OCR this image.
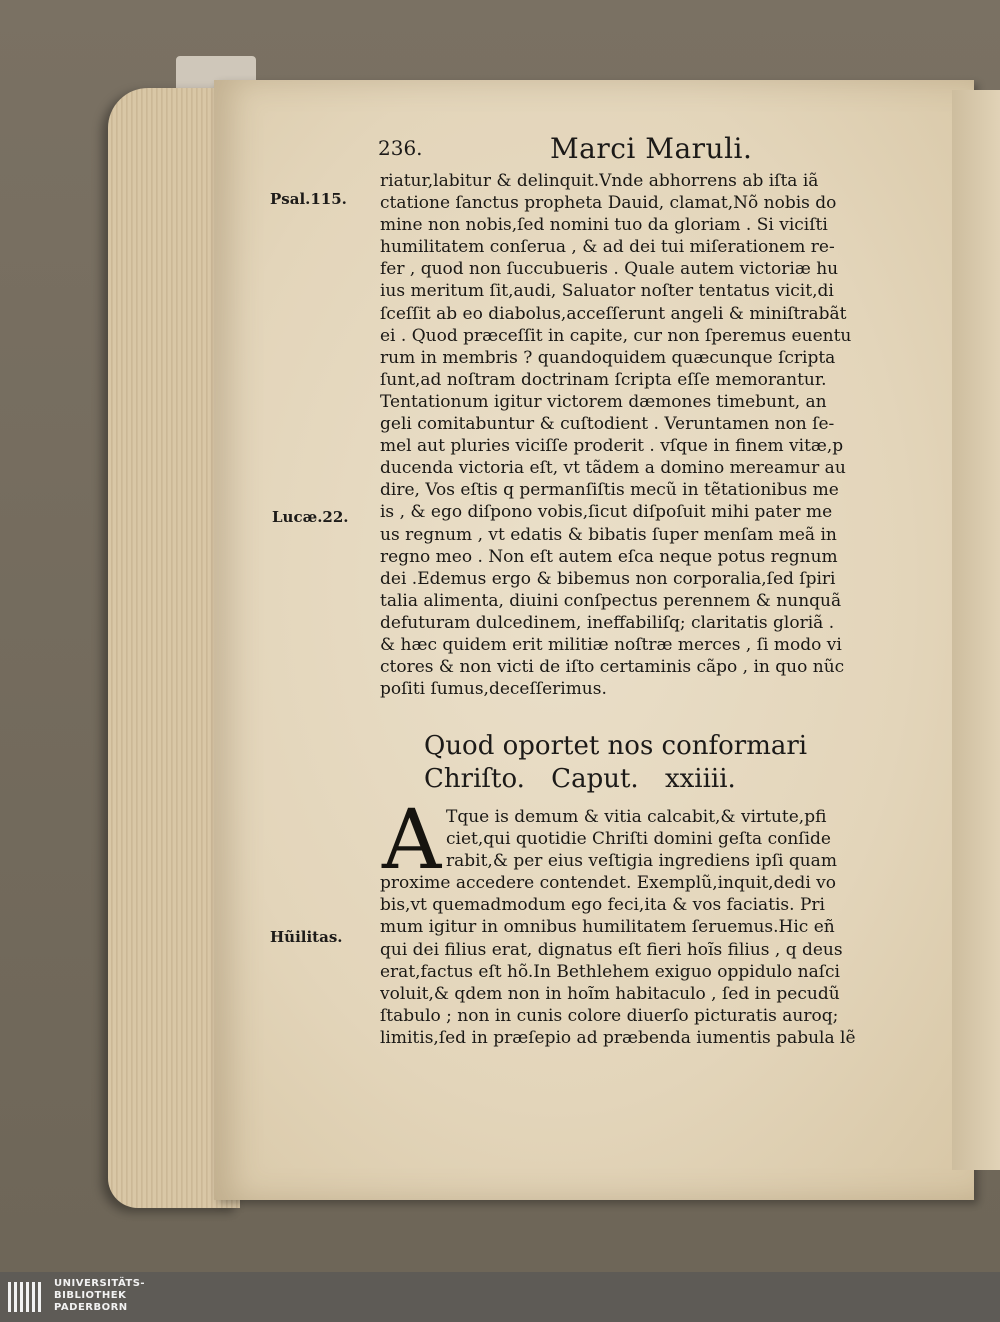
236.	Marci Maruli.
Psal.115.
Lucæ.22.
Hũilitas.
riatur,labitur & delinquit.Vnde abhorrens ab iſta iã
ctatione ſanctus propheta Dauid, clamat,Nõ nobis do
mine non nobis,ſed nomini tuo da gloriam . Si viciſti
humilitatem conſerua , & ad dei tui miſerationem re-
fer , quod non ſuccubueris . Quale autem victoriæ hu
ius meritum ſit,audi, Saluator noſter tentatus vicit,di
ſceſſit ab eo diabolus,acceſſerunt angeli & miniſtrabãt
ei . Quod præceſſit in capite, cur non ſperemus euentu
rum in membris ? quandoquidem quæcunque ſcripta
ſunt,ad noſtram doctrinam ſcripta eſſe memorantur.
Tentationum igitur victorem dæmones timebunt, an
geli comitabuntur & cuſtodient . Veruntamen non ſe-
mel aut pluries viciſſe proderit . vſque in finem vitæ,p
ducenda victoria eſt, vt tãdem a domino mereamur au
dire, Vos eſtis q permanſiſtis mecũ in tẽtationibus me
is , & ego diſpono vobis,ſicut diſpoſuit mihi pater me
us regnum , vt edatis & bibatis ſuper menſam meã in
regno meo . Non eſt autem eſca neque potus regnum
dei .Edemus ergo & bibemus non corporalia,ſed ſpiri
talia alimenta, diuini conſpectus perennem & nunquã
defuturam dulcedinem, ineffabiliſq; claritatis gloriã .
& hæc quidem erit militiæ noſtræ merces , ſi modo vi
ctores & non victi de iſto certaminis cãpo , in quo nũc
poſiti ſumus,deceſſerimus.
Quod oportet nos conformari
Chriſto. Caput. xxiiii.
A Tque is demum & vitia calcabit,& virtute,pfi
ciet,qui quotidie Chriſti domini geſta conſide
rabit,& per eius veſtigia ingrediens ipſi quam
proxime accedere contendet. Exemplũ,inquit,dedi vo
bis,vt quemadmodum ego feci,ita & vos faciatis. Pri
mum igitur in omnibus humilitatem ſeruemus.Hic eñ
qui dei filius erat, dignatus eſt fieri hoĩs filius , q deus
erat,factus eſt hõ.In Bethlehem exiguo oppidulo naſci
voluit,& qdem non in hoĩm habitaculo , ſed in pecudũ
ſtabulo ; non in cunis colore diuerſo picturatis auroq;
limitis,ſed in præſepio ad præbenda iumentis pabula lẽ
UNIVERSITÄTS-
BIBLIOTHEK
PADERBORN
